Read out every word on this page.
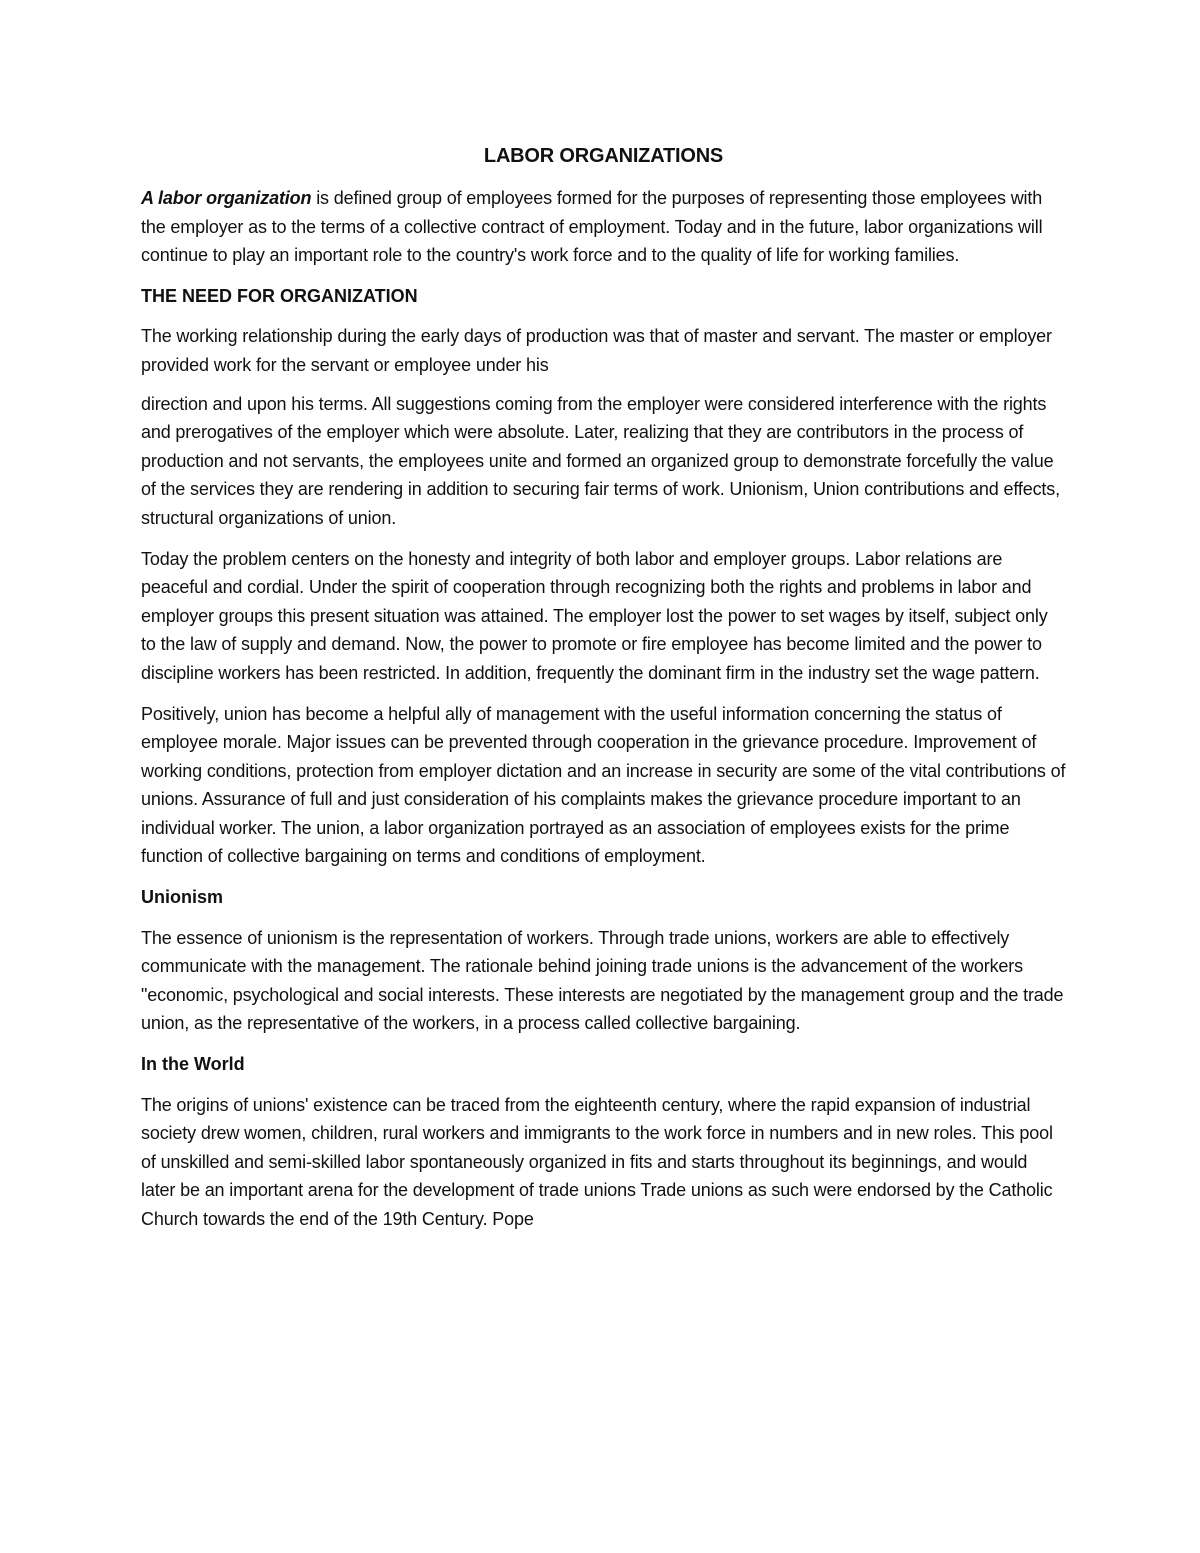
LABOR ORGANIZATIONS

A labor organization is defined group of employees formed for the purposes of representing those employees with the employer as to the terms of a collective contract of employment. Today and in the future, labor organizations will continue to play an important role to the country's work force and to the quality of life for working families.

THE NEED FOR ORGANIZATION

The working relationship during the early days of production was that of master and servant. The master or employer provided work for the servant or employee under his

direction and upon his terms. All suggestions coming from the employer were considered interference with the rights and prerogatives of the employer which were absolute. Later, realizing that they are contributors in the process of production and not servants, the employees unite and formed an organized group to demonstrate forcefully the value of the services they are rendering in addition to securing fair terms of work. Unionism, Union contributions and effects, structural organizations of union.

Today the problem centers on the honesty and integrity of both labor and employer groups. Labor relations are peaceful and cordial. Under the spirit of cooperation through recognizing both the rights and problems in labor and employer groups this present situation was attained. The employer lost the power to set wages by itself, subject only to the law of supply and demand. Now, the power to promote or fire employee has become limited and the power to discipline workers has been restricted. In addition, frequently the dominant firm in the industry set the wage pattern.

Positively, union has become a helpful ally of management with the useful information concerning the status of employee morale. Major issues can be prevented through cooperation in the grievance procedure. Improvement of working conditions, protection from employer dictation and an increase in security are some of the vital contributions of unions. Assurance of full and just consideration of his complaints makes the grievance procedure important to an individual worker. The union, a labor organization portrayed as an association of employees exists for the prime function of collective bargaining on terms and conditions of employment.

Unionism

The essence of unionism is the representation of workers. Through trade unions, workers are able to effectively communicate with the management. The rationale behind joining trade unions is the advancement of the workers "economic, psychological and social interests. These interests are negotiated by the management group and the trade union, as the representative of the workers, in a process called collective bargaining.

In the World

The origins of unions' existence can be traced from the eighteenth century, where the rapid expansion of industrial society drew women, children, rural workers and immigrants to the work force in numbers and in new roles. This pool of unskilled and semi-skilled labor spontaneously organized in fits and starts throughout its beginnings, and would later be an important arena for the development of trade unions Trade unions as such were endorsed by the Catholic Church towards the end of the 19th Century. Pope
